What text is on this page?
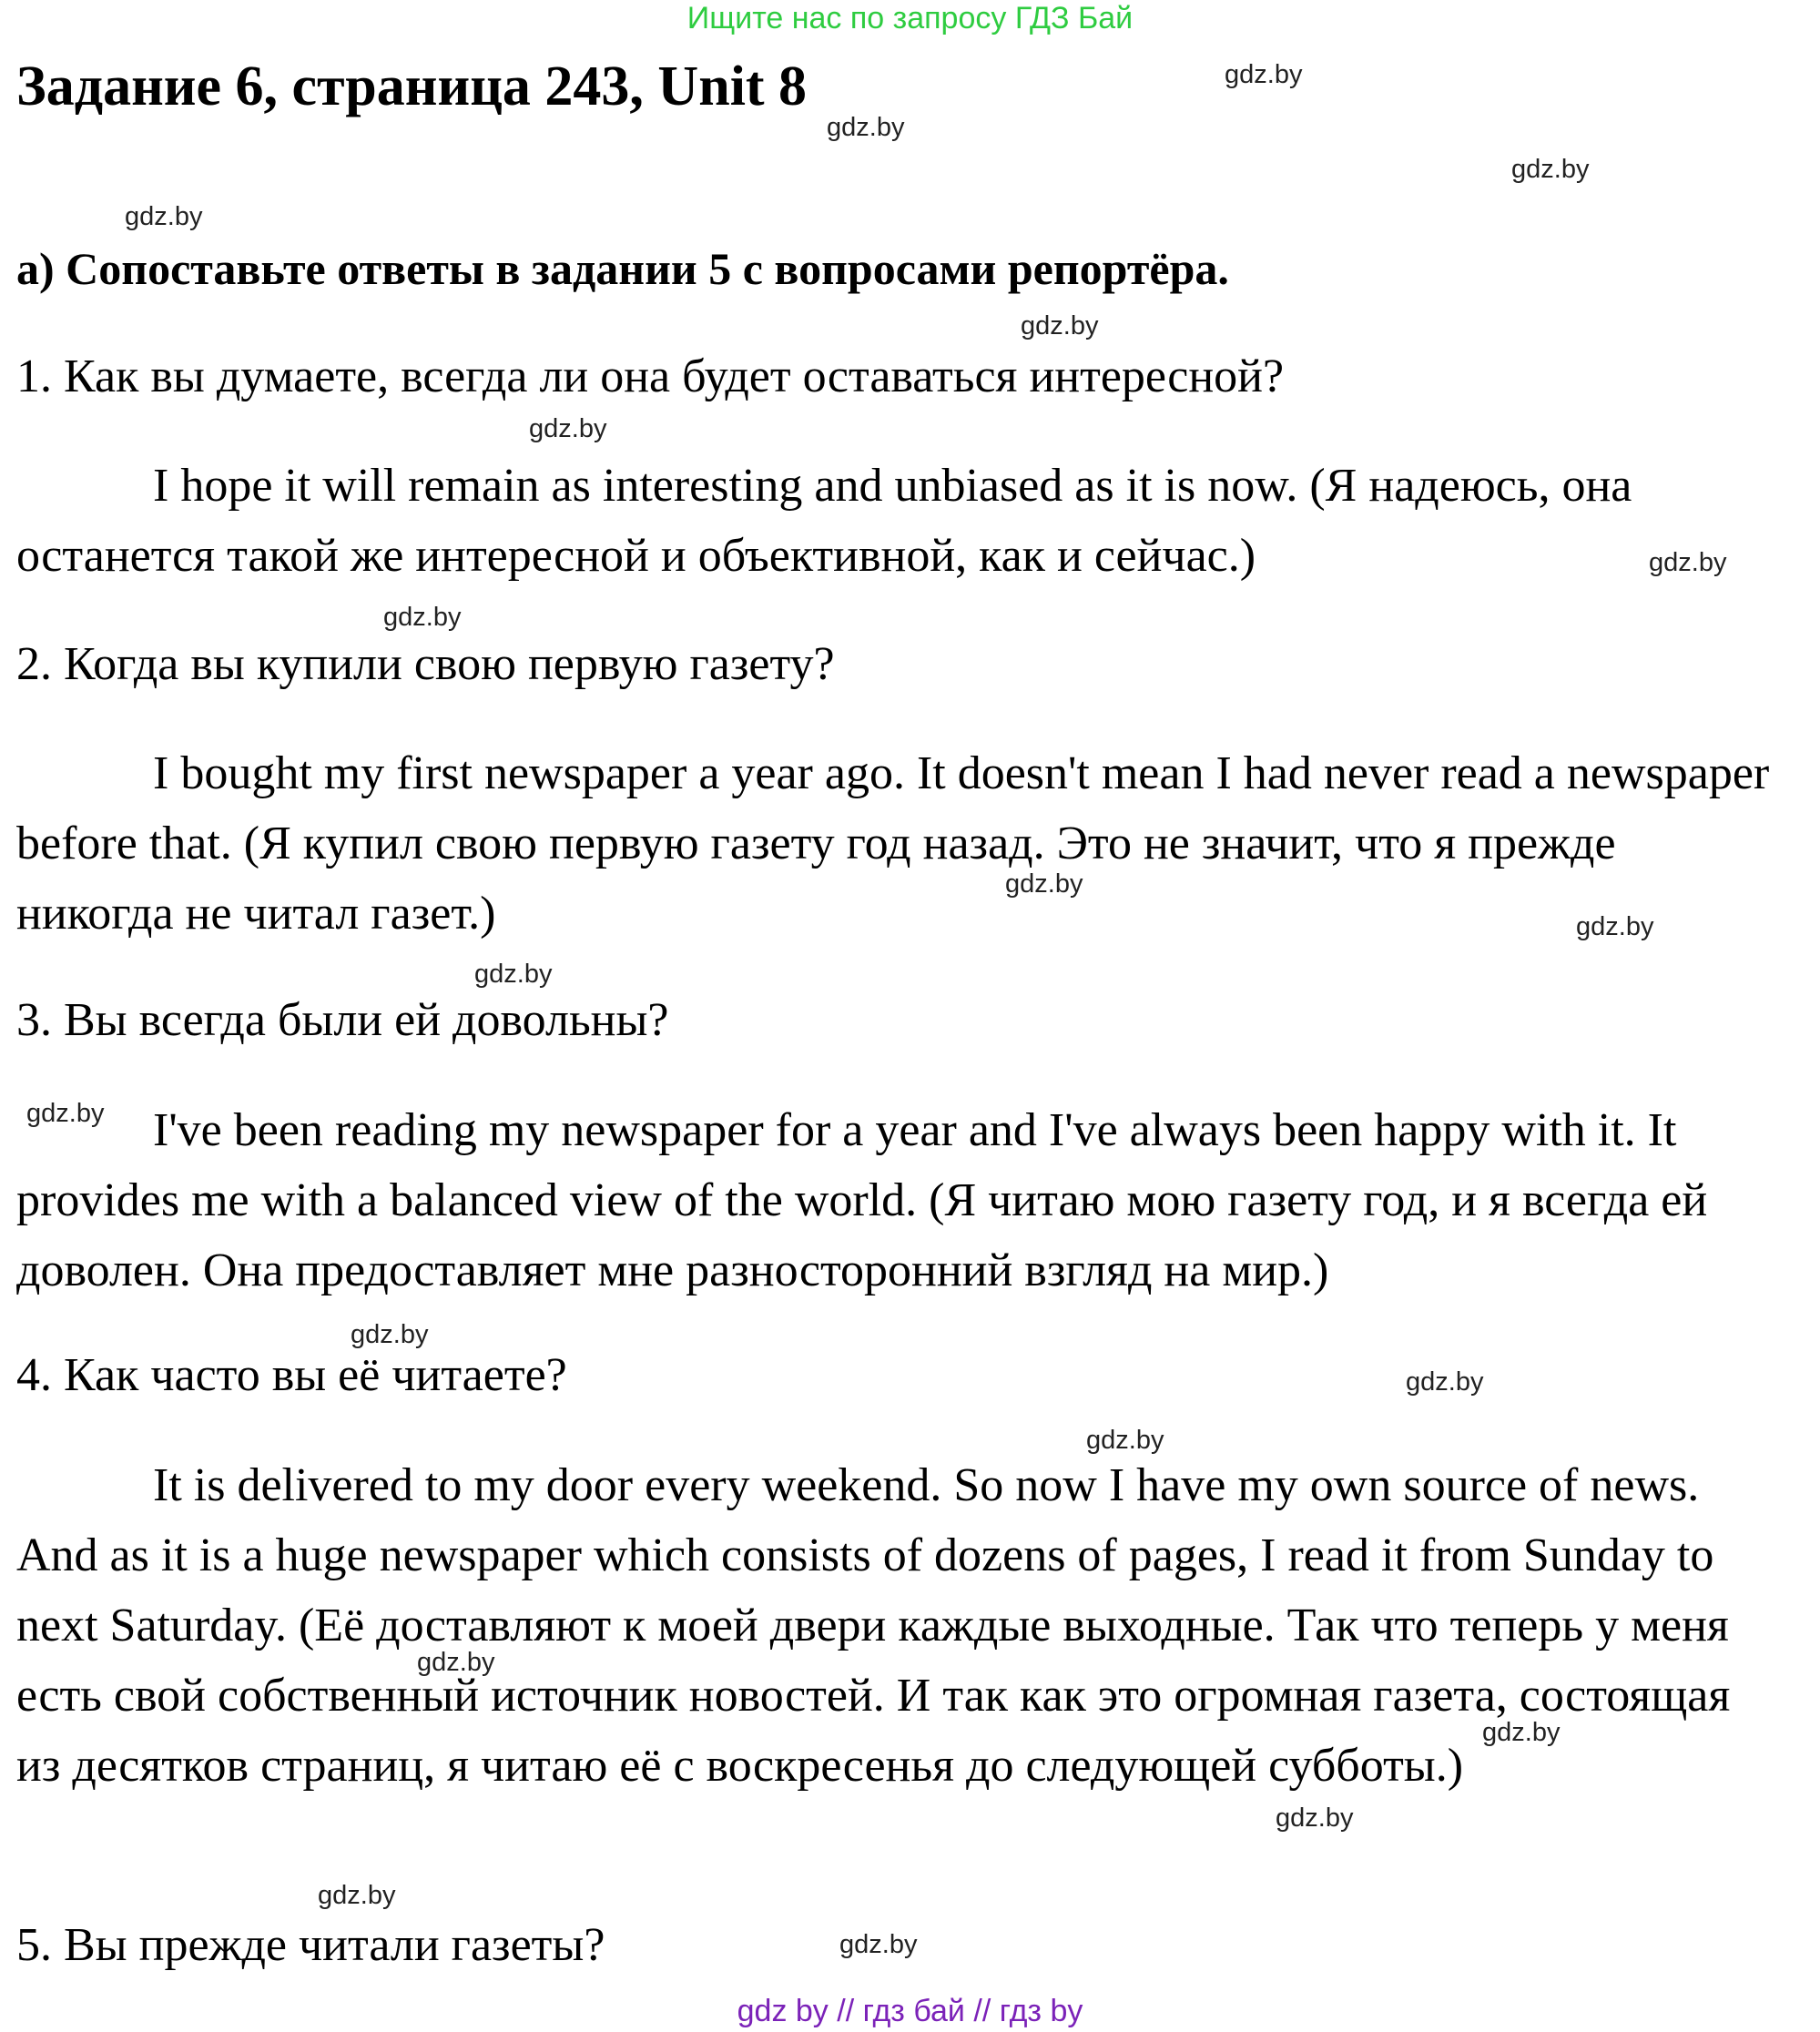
Ищите нас по запросу ГДЗ Бай
Задание 6, страница 243, Unit 8

а) Сопоставьте ответы в задании 5 с вопросами репортёра.

1. Как вы думаете, всегда ли она будет оставаться интересной?

I hope it will remain as interesting and unbiased as it is now. (Я надеюсь, она останется такой же интересной и объективной, как и сейчас.)

2. Когда вы купили свою первую газету?

I bought my first newspaper a year ago. It doesn't mean I had never read a newspaper before that. (Я купил свою первую газету год назад. Это не значит, что я прежде никогда не читал газет.)

3. Вы всегда были ей довольны?

I've been reading my newspaper for a year and I've always been happy with it. It provides me with a balanced view of the world. (Я читаю мою газету год, и я всегда ей доволен. Она предоставляет мне разносторонний взгляд на мир.)

4. Как часто вы её читаете?

It is delivered to my door every weekend. So now I have my own source of news. And as it is a huge newspaper which consists of dozens of pages, I read it from Sunday to next Saturday. (Её доставляют к моей двери каждые выходные. Так что теперь у меня есть свой собственный источник новостей. И так как это огромная газета, состоящая из десятков страниц, я читаю её с воскресенья до следующей субботы.)

5. Вы прежде читали газеты?

gdz.by
gdz.by
gdz.by
gdz.by
gdz.by
gdz.by
gdz.by
gdz.by
gdz.by
gdz.by
gdz.by
gdz.by
gdz.by
gdz.by
gdz.by
gdz.by
gdz.by
gdz.by
gdz.by
gdz.by
gdz by // гдз бай // гдз by
